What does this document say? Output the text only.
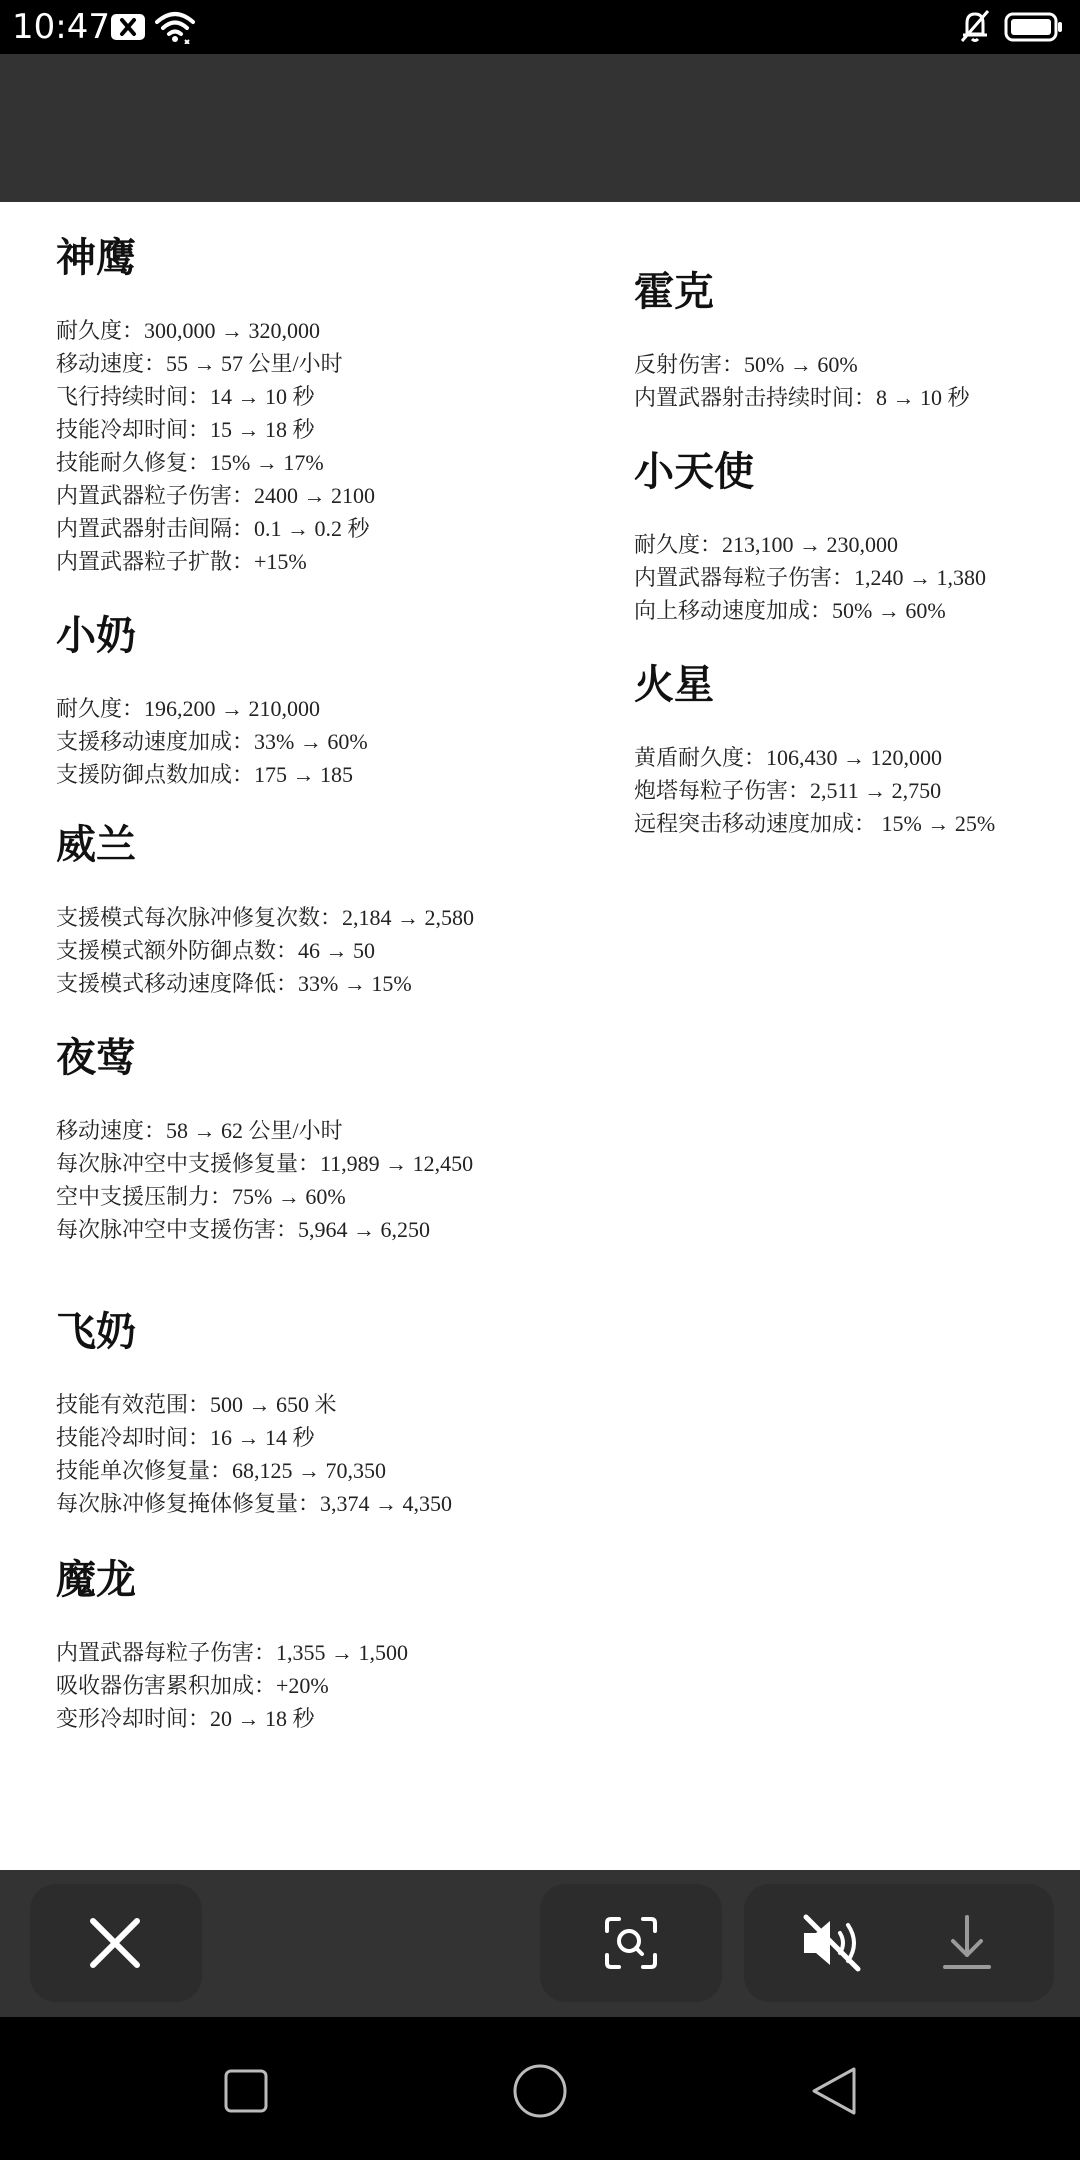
10:47
神鹰
耐久度：300,000 → 320,000
移动速度：55 → 57 公里/小时
飞行持续时间：14 → 10 秒
技能冷却时间：15 → 18 秒
技能耐久修复：15% → 17%
内置武器粒子伤害：2400 → 2100
内置武器射击间隔：0.1 → 0.2 秒
内置武器粒子扩散：+15%
小奶
耐久度：196,200 → 210,000
支援移动速度加成：33% → 60%
支援防御点数加成：175 → 185
威兰
支援模式每次脉冲修复次数：2,184 → 2,580
支援模式额外防御点数：46 → 50
支援模式移动速度降低：33% → 15%
夜莺
移动速度：58 → 62 公里/小时
每次脉冲空中支援修复量：11,989 → 12,450
空中支援压制力：75% → 60%
每次脉冲空中支援伤害：5,964 → 6,250
飞奶
技能有效范围：500 → 650 米
技能冷却时间：16 → 14 秒
技能单次修复量：68,125 → 70,350
每次脉冲修复掩体修复量：3,374 → 4,350
魔龙
内置武器每粒子伤害：1,355 → 1,500
吸收器伤害累积加成：+20%
变形冷却时间：20 → 18 秒
霍克
反射伤害：50% → 60%
内置武器射击持续时间：8 → 10 秒
小天使
耐久度：213,100 → 230,000
内置武器每粒子伤害：1,240 → 1,380
向上移动速度加成：50% → 60%
火星
黄盾耐久度：106,430 → 120,000
炮塔每粒子伤害：2,511 → 2,750
远程突击移动速度加成： 15% → 25%
